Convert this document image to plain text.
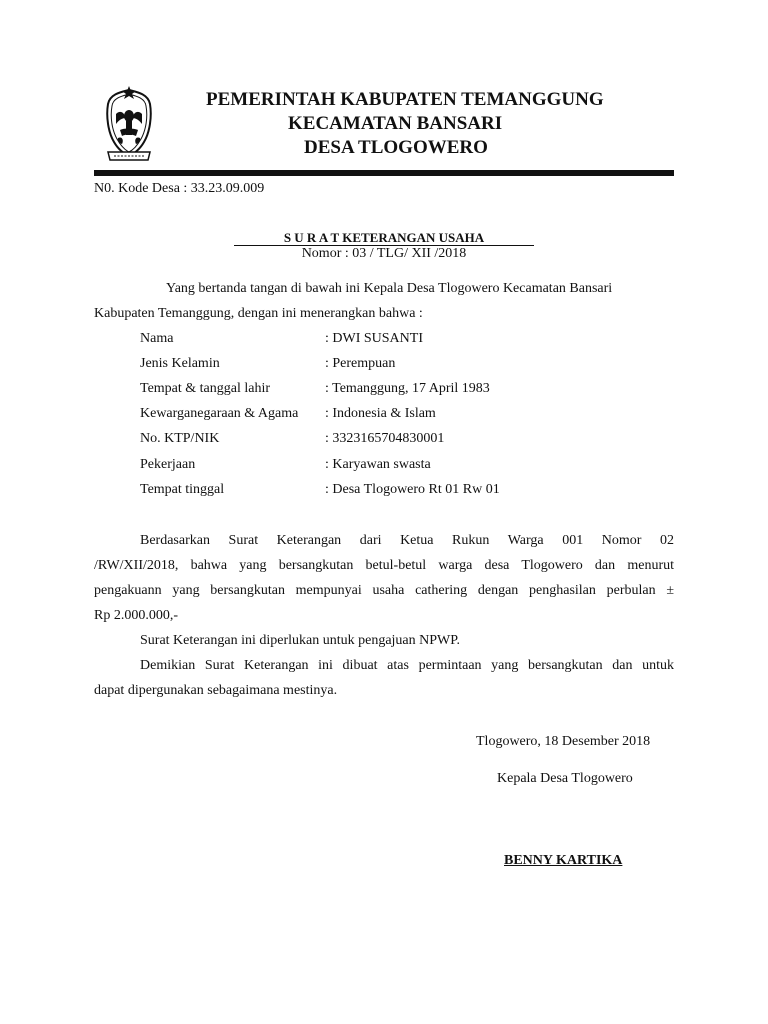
PEMERINTAH KABUPATEN TEMANGGUNG
KECAMATAN BANSARI
DESA TLOGOWERO
N0. Kode Desa : 33.23.09.009
S U R A T KETERANGAN USAHA
Nomor : 03 / TLG/ XII /2018
Yang bertanda tangan di bawah ini Kepala Desa Tlogowero Kecamatan Bansari
Kabupaten Temanggung, dengan ini menerangkan bahwa :
Nama	: DWI SUSANTI
Jenis Kelamin	: Perempuan
Tempat & tanggal lahir	: Temanggung, 17 April 1983
Kewarganegaraan & Agama : Indonesia & Islam
No. KTP/NIK	: 3323165704830001
Pekerjaan	: Karyawan swasta
Tempat tinggal	: Desa Tlogowero Rt 01 Rw 01
Berdasarkan Surat Keterangan dari Ketua Rukun Warga 001 Nomor 02
/RW/XII/2018, bahwa yang bersangkutan betul-betul warga desa Tlogowero dan menurut
pengakuann yang bersangkutan mempunyai usaha cathering dengan penghasilan perbulan ±
Rp 2.000.000,-
Surat Keterangan ini diperlukan untuk pengajuan NPWP.
Demikian Surat Keterangan ini dibuat atas permintaan yang bersangkutan dan untuk
dapat dipergunakan sebagaimana mestinya.
Tlogowero, 18 Desember 2018
Kepala Desa Tlogowero
BENNY KARTIKA
